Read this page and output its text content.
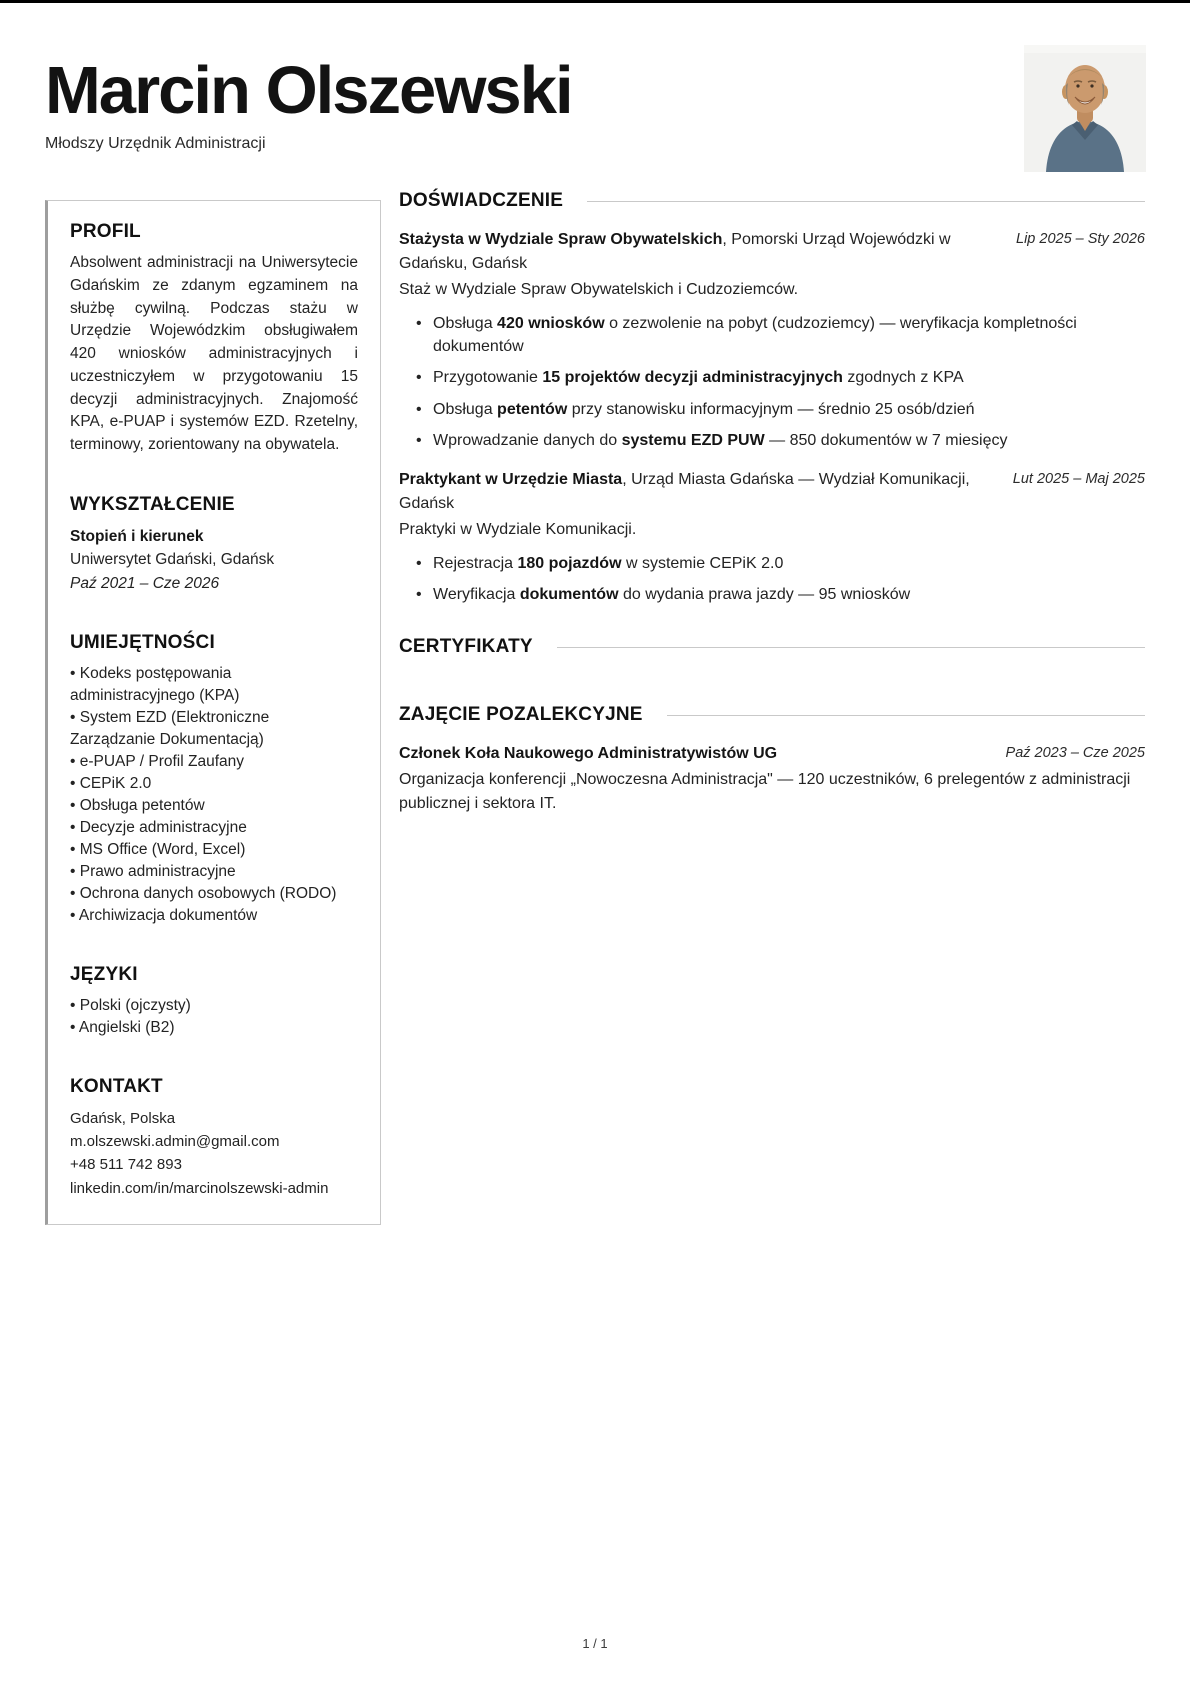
Marcin Olszewski
Młodszy Urzędnik Administracji
PROFIL

Absolwent administracji na Uniwersytecie Gdańskim ze zdanym egzaminem na służbę cywilną. Podczas stażu w Urzędzie Wojewódzkim obsługiwałem 420 wniosków administracyjnych i uczestniczyłem w przygotowaniu 15 decyzji administracyjnych. Znajomość KPA, e-PUAP i systemów EZD. Rzetelny, terminowy, zorientowany na obywatela.

WYKSZTAŁCENIE
Stopień i kierunek
Uniwersytet Gdański, Gdańsk
Paź 2021 – Cze 2026
UMIEJĘTNOŚCI
• Kodeks postępowania administracyjnego (KPA)
• System EZD (Elektroniczne Zarządzanie Dokumentacją)
• e-PUAP / Profil Zaufany
• CEPiK 2.0
• Obsługa petentów
• Decyzje administracyjne
• MS Office (Word, Excel)
• Prawo administracyjne
• Ochrona danych osobowych (RODO)
• Archiwizacja dokumentów
JĘZYKI
• Polski (ojczysty)
• Angielski (B2)
KONTAKT
Gdańsk, Polska
m.olszewski.admin@gmail.com
+48 511 742 893
linkedin.com/in/marcinolszewski-admin
DOŚWIADCZENIE
Stażysta w Wydziale Spraw Obywatelskich, Pomorski Urząd Wojewódzki w Gdańsku, Gdańsk
Lip 2025 – Sty 2026

Staż w Wydziale Spraw Obywatelskich i Cudzoziemców.

• Obsługa 420 wniosków o zezwolenie na pobyt (cudzoziemcy) — weryfikacja kompletności dokumentów
• Przygotowanie 15 projektów decyzji administracyjnych zgodnych z KPA
• Obsługa petentów przy stanowisku informacyjnym — średnio 25 osób/dzień
• Wprowadzanie danych do systemu EZD PUW — 850 dokumentów w 7 miesięcy
Praktykant w Urzędzie Miasta, Urząd Miasta Gdańska — Wydział Komunikacji, Gdańsk
Lut 2025 – Maj 2025

Praktyki w Wydziale Komunikacji.

• Rejestracja 180 pojazdów w systemie CEPiK 2.0
• Weryfikacja dokumentów do wydania prawa jazdy — 95 wniosków
CERTYFIKATY
ZAJĘCIE POZALEKCYJNE
Członek Koła Naukowego Administratywistów UG	Paź 2023 – Cze 2025

Organizacja konferencji „Nowoczesna Administracja" — 120 uczestników, 6 prelegentów z administracji publicznej i sektora IT.

1 / 1
